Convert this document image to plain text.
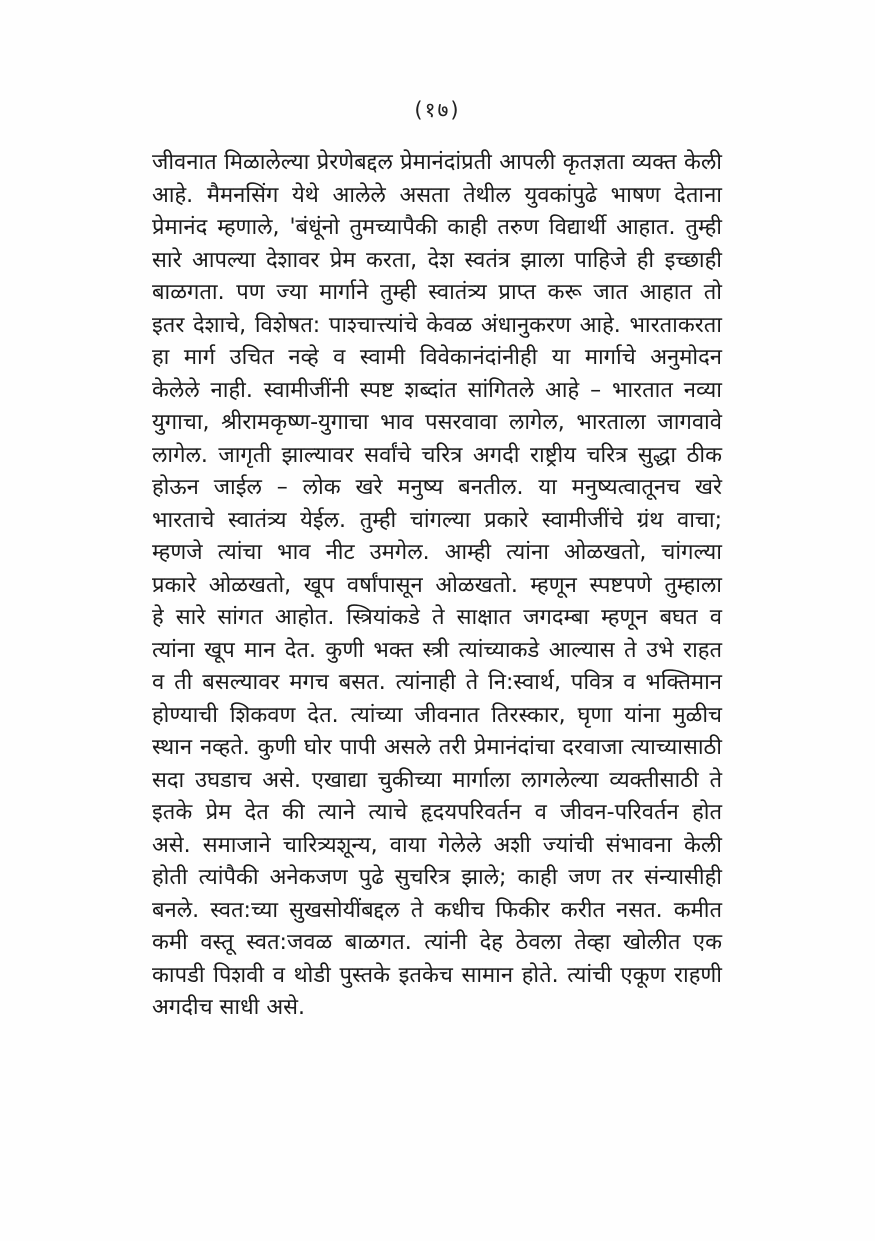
(१७)
जीवनात मिळालेल्या प्रेरणेबद्दल प्रेमानंदांप्रती आपली कृतज्ञता व्यक्त केली
आहे. मैमनसिंग येथे आलेले असता तेथील युवकांपुढे भाषण देताना
प्रेमानंद म्हणाले, 'बंधूंनो तुमच्यापैकी काही तरुण विद्यार्थी आहात. तुम्ही
सारे आपल्या देशावर प्रेम करता, देश स्वतंत्र झाला पाहिजे ही इच्छाही
बाळगता. पण ज्या मार्गाने तुम्ही स्वातंत्र्य प्राप्त करू जात आहात तो
इतर देशाचे, विशेषत: पाश्चात्त्यांचे केवळ अंधानुकरण आहे. भारताकरता
हा मार्ग उचित नव्हे व स्वामी विवेकानंदांनीही या मार्गाचे अनुमोदन
केलेले नाही. स्वामीजींनी स्पष्ट शब्दांत सांगितले आहे – भारतात नव्या
युगाचा, श्रीरामकृष्ण-युगाचा भाव पसरवावा लागेल, भारताला जागवावे
लागेल. जागृती झाल्यावर सर्वांचे चरित्र अगदी राष्ट्रीय चरित्र सुद्धा ठीक
होऊन जाईल – लोक खरे मनुष्य बनतील. या मनुष्यत्वातूनच खरे
भारताचे स्वातंत्र्य येईल. तुम्ही चांगल्या प्रकारे स्वामीजींचे ग्रंथ वाचा;
म्हणजे त्यांचा भाव नीट उमगेल. आम्ही त्यांना ओळखतो, चांगल्या
प्रकारे ओळखतो, खूप वर्षांपासून ओळखतो. म्हणून स्पष्टपणे तुम्हाला
हे सारे सांगत आहोत. स्त्रियांकडे ते साक्षात जगदम्बा म्हणून बघत व
त्यांना खूप मान देत. कुणी भक्त स्त्री त्यांच्याकडे आल्यास ते उभे राहत
व ती बसल्यावर मगच बसत. त्यांनाही ते नि:स्वार्थ, पवित्र व भक्तिमान
होण्याची शिकवण देत. त्यांच्या जीवनात तिरस्कार, घृणा यांना मुळीच
स्थान नव्हते. कुणी घोर पापी असले तरी प्रेमानंदांचा दरवाजा त्याच्यासाठी
सदा उघडाच असे. एखाद्या चुकीच्या मार्गाला लागलेल्या व्यक्तीसाठी ते
इतके प्रेम देत की त्याने त्याचे हृदयपरिवर्तन व जीवन-परिवर्तन होत
असे. समाजाने चारित्र्यशून्य, वाया गेलेले अशी ज्यांची संभावना केली
होती त्यांपैकी अनेकजण पुढे सुचरित्र झाले; काही जण तर संन्यासीही
बनले. स्वत:च्या सुखसोयींबद्दल ते कधीच फिकीर करीत नसत. कमीत
कमी वस्तू स्वत:जवळ बाळगत. त्यांनी देह ठेवला तेव्हा खोलीत एक
कापडी पिशवी व थोडी पुस्तके इतकेच सामान होते. त्यांची एकूण राहणी
अगदीच साधी असे.
